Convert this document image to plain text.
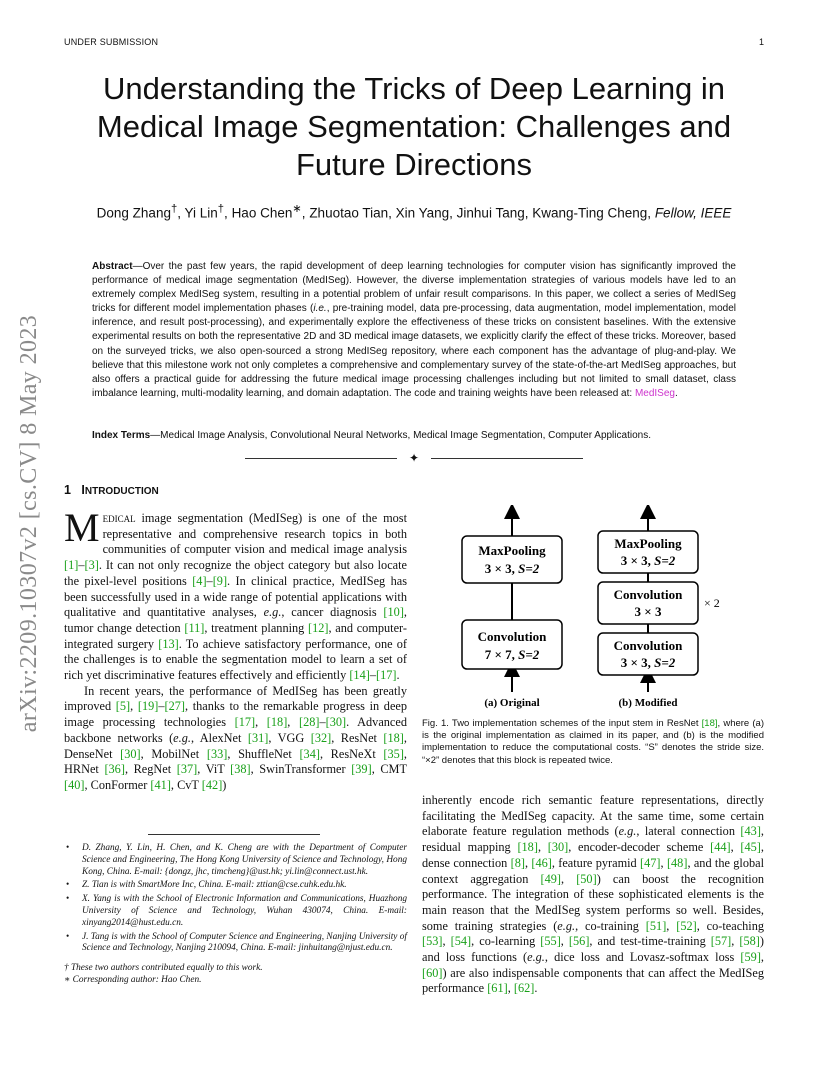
UNDER SUBMISSION	1
arXiv:2209.10307v2 [cs.CV] 8 May 2023
Understanding the Tricks of Deep Learning in Medical Image Segmentation: Challenges and Future Directions
Dong Zhang†, Yi Lin†, Hao Chen∗, Zhuotao Tian, Xin Yang, Jinhui Tang, Kwang-Ting Cheng, Fellow, IEEE
Abstract—Over the past few years, the rapid development of deep learning technologies for computer vision has significantly improved the performance of medical image segmentation (MedISeg). However, the diverse implementation strategies of various models have led to an extremely complex MedISeg system, resulting in a potential problem of unfair result comparisons. In this paper, we collect a series of MedISeg tricks for different model implementation phases (i.e., pre-training model, data pre-processing, data augmentation, model implementation, model inference, and result post-processing), and experimentally explore the effectiveness of these tricks on consistent baselines. With the extensive experimental results on both the representative 2D and 3D medical image datasets, we explicitly clarify the effect of these tricks. Moreover, based on the surveyed tricks, we also open-sourced a strong MedISeg repository, where each component has the advantage of plug-and-play. We believe that this milestone work not only completes a comprehensive and complementary survey of the state-of-the-art MedISeg approaches, but also offers a practical guide for addressing the future medical image processing challenges including but not limited to small dataset, class imbalance learning, multi-modality learning, and domain adaptation. The code and training weights have been released at: MedISeg.
Index Terms—Medical Image Analysis, Convolutional Neural Networks, Medical Image Segmentation, Computer Applications.
✦
1 INTRODUCTION

Medical image segmentation (MedISeg) is one of the most representative and comprehensive research topics in both communities of computer vision and medical image analysis [1]–[3]. It can not only recognize the object category but also locate the pixel-level positions [4]–[9]. In clinical practice, MedISeg has been successfully used in a wide range of potential applications with qualitative and quantitative analyses, e.g., cancer diagnosis [10], tumor change detection [11], treatment planning [12], and computer-integrated surgery [13]. To achieve satisfactory performance, one of the challenges is to enable the segmentation model to learn a set of rich yet discriminative features effectively and efficiently [14]–[17].

In recent years, the performance of MedISeg has been greatly improved [5], [19]–[27], thanks to the remarkable progress in deep image processing technologies [17], [18], [28]–[30]. Advanced backbone networks (e.g., AlexNet [31], VGG [32], ResNet [18], DenseNet [30], MobilNet [33], ShuffleNet [34], ResNeXt [35], HRNet [36], RegNet [37], ViT [38], SwinTransformer [39], CMT [40], ConFormer [41], CvT [42])

• D. Zhang, Y. Lin, H. Chen, and K. Cheng are with the Department of Computer Science and Engineering, The Hong Kong University of Science and Technology, Hong Kong, China. E-mail: {dongz, jhc, timcheng}@ust.hk; yi.lin@connect.ust.hk.
• Z. Tian is with SmartMore Inc, China. E-mail: zttian@cse.cuhk.edu.hk.
• X. Yang is with the School of Electronic Information and Communications, Huazhong University of Science and Technology, Wuhan 430074, China. E-mail: xinyang2014@hust.edu.cn.
• J. Tang is with the School of Computer Science and Engineering, Nanjing University of Science and Technology, Nanjing 210094, China. E-mail: jinhuitang@njust.edu.cn.
† These two authors contributed equally to this work.
∗ Corresponding author: Hao Chen.
MaxPooling
3 × 3, S=2
Convolution
7 × 7, S=2
(a) Original
MaxPooling
3 × 3, S=2
Convolution
3 × 3
× 2
Convolution
3 × 3, S=2
(b) Modified
Fig. 1. Two implementation schemes of the input stem in ResNet [18], where (a) is the original implementation as claimed in its paper, and (b) is the modified implementation to reduce the computational costs. “S” denotes the stride size. “×2” denotes that this block is repeated twice.

inherently encode rich semantic feature representations, directly facilitating the MedISeg capacity. At the same time, some certain elaborate feature regulation methods (e.g., lateral connection [43], residual mapping [18], [30], encoder-decoder scheme [44], [45], dense connection [8], [46], feature pyramid [47], [48], and the global context aggregation [49], [50]) can boost the recognition performance. The integration of these sophisticated elements is the main reason that the MedISeg system performs so well. Besides, some training strategies (e.g., co-training [51], [52], co-teaching [53], [54], co-learning [55], [56], and test-time-training [57], [58]) and loss functions (e.g., dice loss and Lovasz-softmax loss [59], [60]) are also indispensable components that can affect the MedISeg performance [61], [62].
